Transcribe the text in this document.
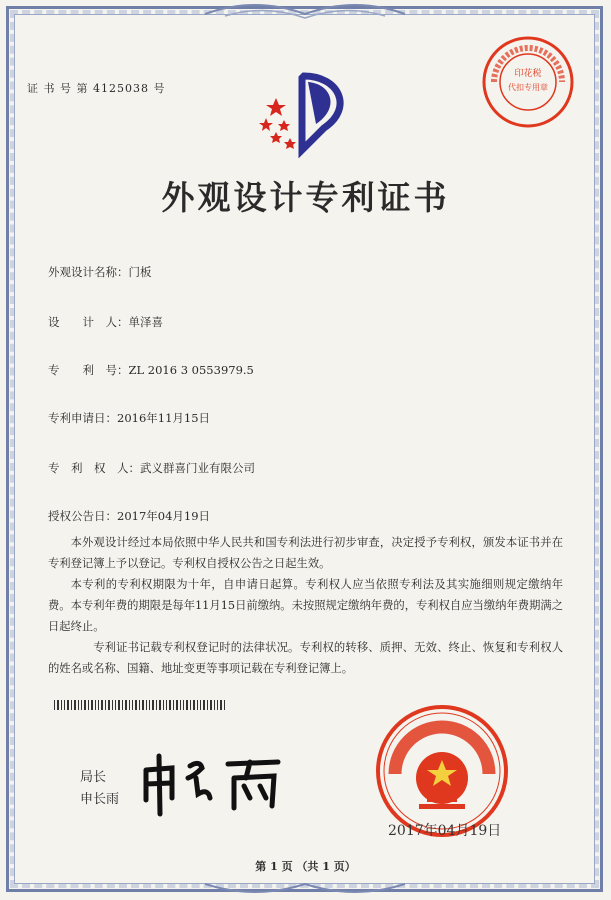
证 书 号 第 4125038 号
印花税
代扣专用章
外观设计专利证书
外观设计名称：门板
设　　计　人：单泽喜
专　　利　号：ZL 2016 3 0553979.5
专利申请日：2016年11月15日
专　利　权　人：武义群喜门业有限公司
授权公告日：2017年04月19日
本外观设计经过本局依照中华人民共和国专利法进行初步审查，决定授予专利权，颁发本证书并在专利登记簿上予以登记。专利权自授权公告之日起生效。
本专利的专利权期限为十年，自申请日起算。专利权人应当依照专利法及其实施细则规定缴纳年费。本专利年费的期限是每年11月15日前缴纳。未按照规定缴纳年费的，专利权自应当缴纳年费期满之日起终止。
专利证书记载专利权登记时的法律状况。专利权的转移、质押、无效、终止、恢复和专利权人的姓名或名称、国籍、地址变更等事项记载在专利登记簿上。
局长
申长雨
2017年04月19日
第 1 页 （共 1 页）
